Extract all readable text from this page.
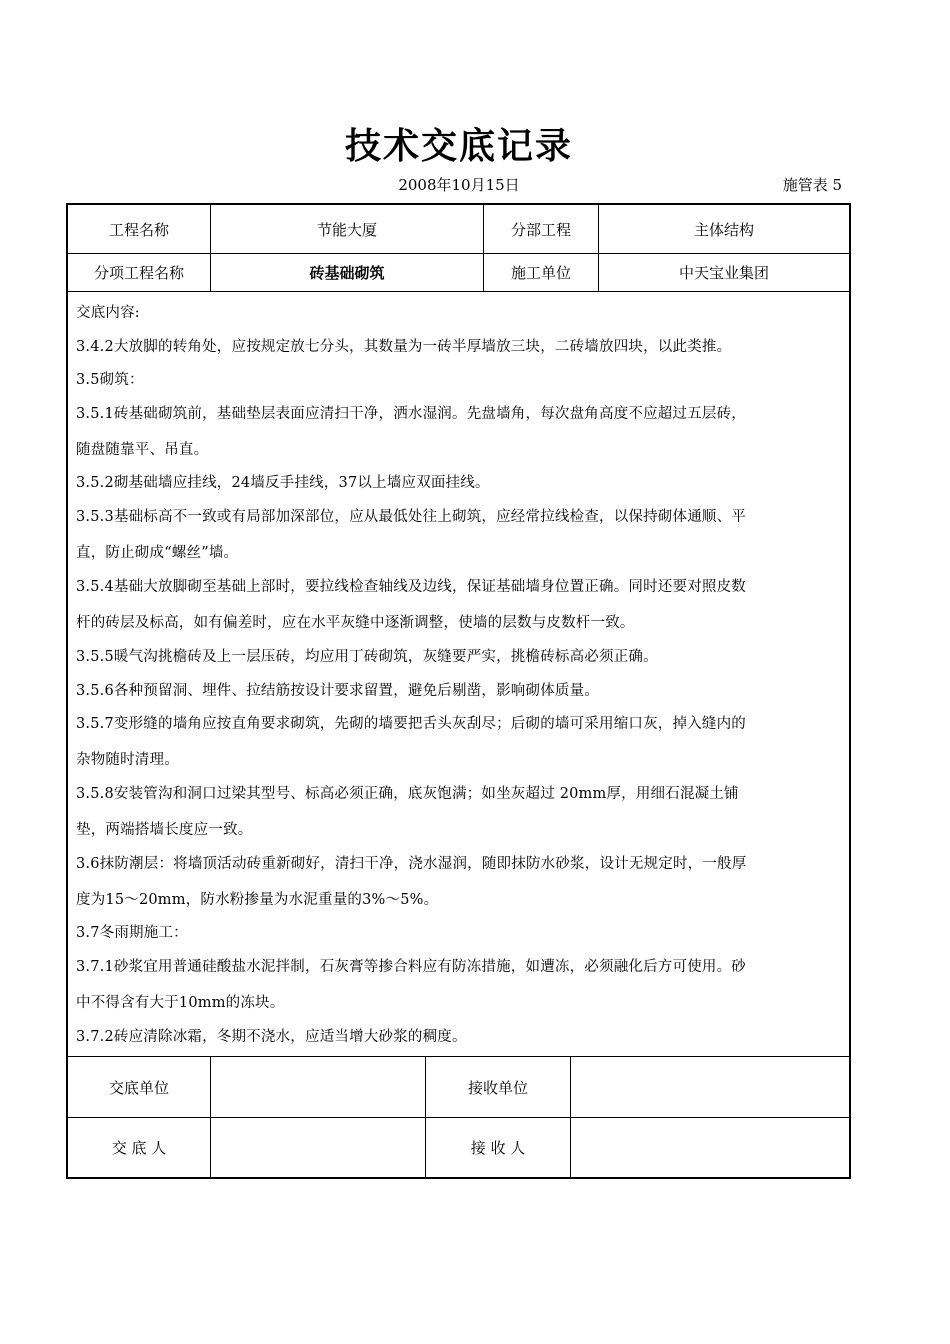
技术交底记录
2008年10月15日	施管表 5
工程名称	节能大厦	分部工程	主体结构
分项工程名称	砖基础砌筑	施工单位	中天宝业集团
交底内容:
3.4.2大放脚的转角处，应按规定放七分头，其数量为一砖半厚墙放三块，二砖墙放四块，以此类推。
3.5砌筑：
3.5.1砖基础砌筑前，基础垫层表面应清扫干净，洒水湿润。先盘墙角，每次盘角高度不应超过五层砖，
随盘随靠平、吊直。
3.5.2砌基础墙应挂线，24墙反手挂线，37以上墙应双面挂线。
3.5.3基础标高不一致或有局部加深部位，应从最低处往上砌筑，应经常拉线检查，以保持砌体通顺、平
直，防止砌成“螺丝”墙。
3.5.4基础大放脚砌至基础上部时，要拉线检查轴线及边线，保证基础墙身位置正确。同时还要对照皮数
杆的砖层及标高，如有偏差时，应在水平灰缝中逐渐调整，使墙的层数与皮数杆一致。
3.5.5暖气沟挑檐砖及上一层压砖，均应用丁砖砌筑，灰缝要严实，挑檐砖标高必须正确。
3.5.6各种预留洞、埋件、拉结筋按设计要求留置，避免后剔凿，影响砌体质量。
3.5.7变形缝的墙角应按直角要求砌筑，先砌的墙要把舌头灰刮尽；后砌的墙可采用缩口灰，掉入缝内的
杂物随时清理。
3.5.8安装管沟和洞口过梁其型号、标高必须正确，底灰饱满；如坐灰超过 20mm厚，用细石混凝土铺
垫，两端搭墙长度应一致。
3.6抹防潮层：将墙顶活动砖重新砌好，清扫干净，浇水湿润，随即抹防水砂浆，设计无规定时，一般厚
度为15～20mm，防水粉掺量为水泥重量的3%～5%。
3.7冬雨期施工：
3.7.1砂浆宜用普通硅酸盐水泥拌制，石灰膏等掺合料应有防冻措施，如遭冻，必须融化后方可使用。砂
中不得含有大于10mm的冻块。
3.7.2砖应清除冰霜，冬期不浇水，应适当增大砂浆的稠度。
交底单位	接收单位
交 底 人	接 收 人
